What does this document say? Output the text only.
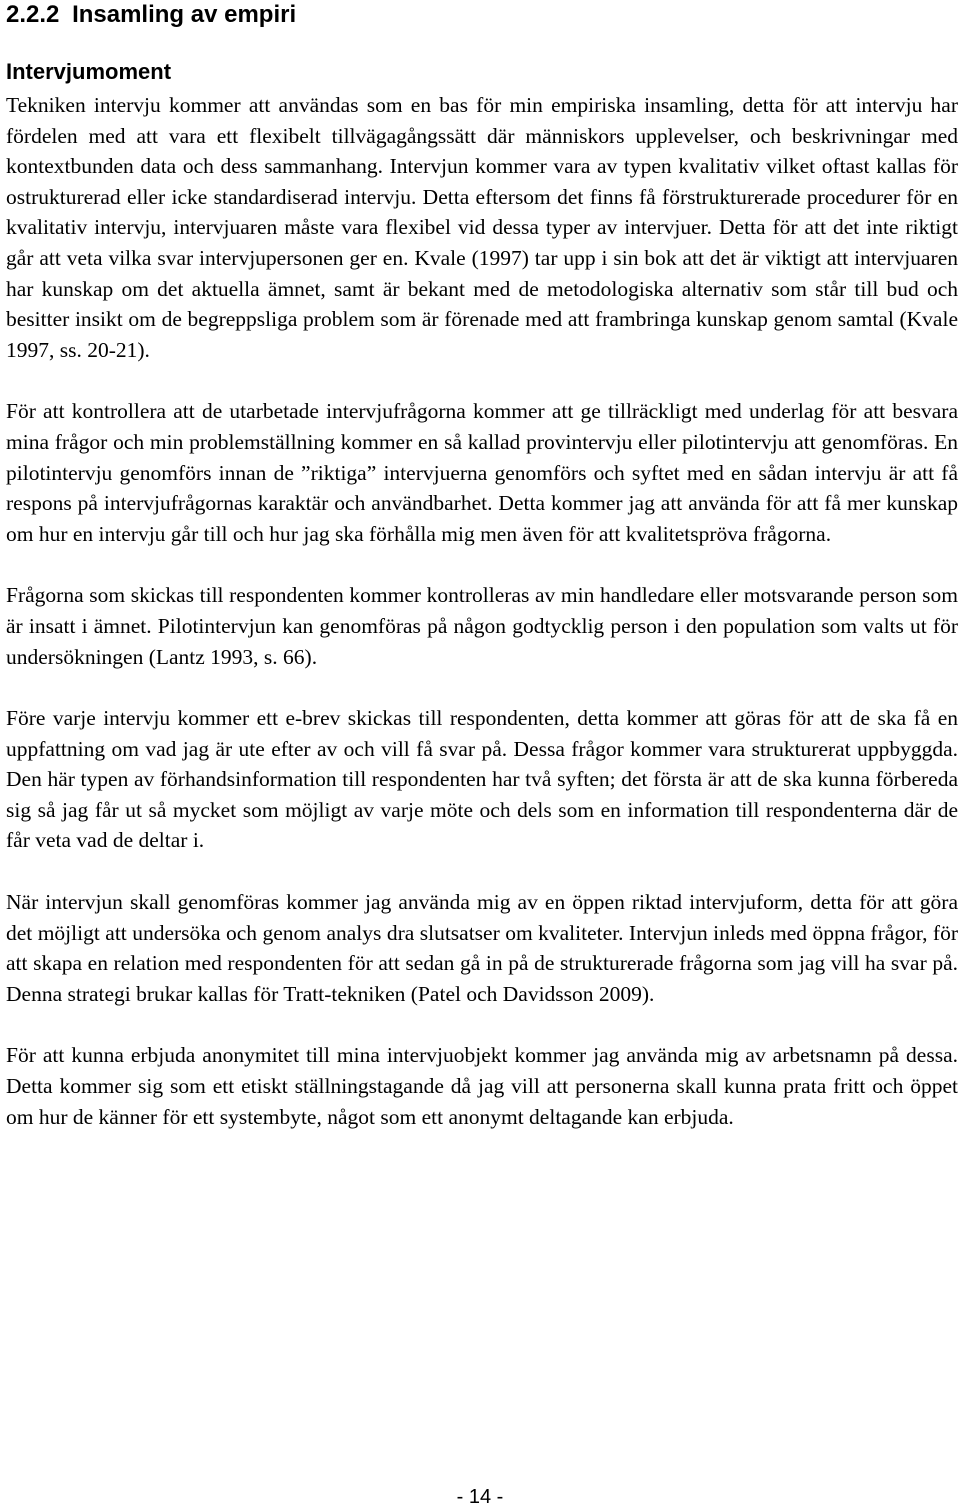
2.2.2 Insamling av empiri
Intervjumoment

Tekniken intervju kommer att användas som en bas för min empiriska insamling, detta för att intervju har fördelen med att vara ett flexibelt tillvägagångssätt där människors upplevelser, och beskrivningar med kontextbunden data och dess sammanhang. Intervjun kommer vara av typen kvalitativ vilket oftast kallas för ostrukturerad eller icke standardiserad intervju. Detta eftersom det finns få förstrukturerade procedurer för en kvalitativ intervju, intervjuaren måste vara flexibel vid dessa typer av intervjuer. Detta för att det inte riktigt går att veta vilka svar intervjupersonen ger en. Kvale (1997) tar upp i sin bok att det är viktigt att intervjuaren har kunskap om det aktuella ämnet, samt är bekant med de metodologiska alternativ som står till bud och besitter insikt om de begreppsliga problem som är förenade med att frambringa kunskap genom samtal (Kvale 1997, ss. 20-21).

För att kontrollera att de utarbetade intervjufrågorna kommer att ge tillräckligt med underlag för att besvara mina frågor och min problemställning kommer en så kallad provintervju eller pilotintervju att genomföras. En pilotintervju genomförs innan de ”riktiga” intervjuerna genomförs och syftet med en sådan intervju är att få respons på intervjufrågornas karaktär och användbarhet. Detta kommer jag att använda för att få mer kunskap om hur en intervju går till och hur jag ska förhålla mig men även för att kvalitetspröva frågorna.

Frågorna som skickas till respondenten kommer kontrolleras av min handledare eller motsvarande person som är insatt i ämnet. Pilotintervjun kan genomföras på någon godtycklig person i den population som valts ut för undersökningen (Lantz 1993, s. 66).

Före varje intervju kommer ett e-brev skickas till respondenten, detta kommer att göras för att de ska få en uppfattning om vad jag är ute efter av och vill få svar på. Dessa frågor kommer vara strukturerat uppbyggda. Den här typen av förhandsinformation till respondenten har två syften; det första är att de ska kunna förbereda sig så jag får ut så mycket som möjligt av varje möte och dels som en information till respondenterna där de får veta vad de deltar i.

När intervjun skall genomföras kommer jag använda mig av en öppen riktad intervjuform, detta för att göra det möjligt att undersöka och genom analys dra slutsatser om kvaliteter. Intervjun inleds med öppna frågor, för att skapa en relation med respondenten för att sedan gå in på de strukturerade frågorna som jag vill ha svar på. Denna strategi brukar kallas för Tratt-tekniken (Patel och Davidsson 2009).

För att kunna erbjuda anonymitet till mina intervjuobjekt kommer jag använda mig av arbetsnamn på dessa. Detta kommer sig som ett etiskt ställningstagande då jag vill att personerna skall kunna prata fritt och öppet om hur de känner för ett systembyte, något som ett anonymt deltagande kan erbjuda.

- 14 -
